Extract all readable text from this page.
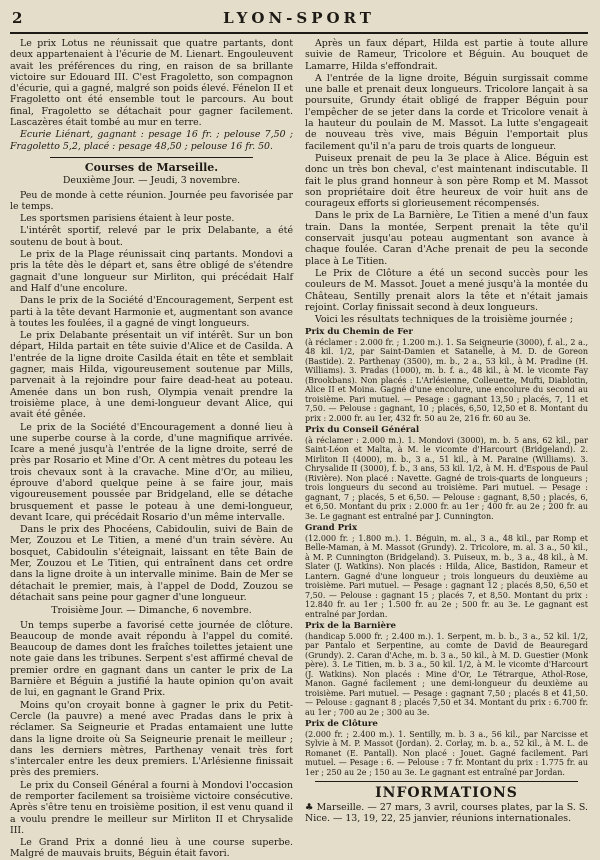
2	LYON-SPORT

Le prix Lotus ne réunissait que quatre partants, dont deux appartenaient à l'écurie de M. Lienart. Engouleuvent avait les préférences du ring, en raison de sa brillante victoire sur Edouard III. C'est Fragoletto, son compagnon d'écurie, qui a gagné, malgré son poids élevé. Fénelon II et Fragoletto ont été ensemble tout le parcours. Au bout final, Fragoletto se détachait pour gagner facilement. Lascazères était tombé au mur en terre.

Ecurie Liénart, gagnant : pesage 16 fr. ; pelouse 7,50 ; Fragoletto 5,2, placé : pesage 48,50 ; pelouse 16 fr. 50.

Courses de Marseille.
Deuxième Jour. — Jeudi, 3 novembre.

Peu de monde à cette réunion. Journée peu favorisée par le temps.

Les sportsmen parisiens étaient à leur poste.

L'intérêt sportif, relevé par le prix Delabante, a été soutenu de bout à bout.

Le prix de la Plage réunissait cinq partants. Mondovi a pris la tête dès le départ et, sans être obligé de s'étendre gagnait d'une longueur sur Mirliton, qui précédait Half and Half d'une encolure.

Dans le prix de la Société d'Encouragement, Serpent est parti à la tête devant Harmonie et, augmentant son avance à toutes les foulées, il a gagné de vingt longueurs.

Le prix Delabante présentait un vif intérêt. Sur un bon départ, Hilda partait en tête suivie d'Alice et de Casilda. A l'entrée de la ligne droite Casilda était en tête et semblait gagner, mais Hilda, vigoureusement soutenue par Mills, parvenait à la rejoindre pour faire dead-heat au poteau. Amenée dans un bon rush, Olympia venait prendre la troisième place, à une demi-longueur devant Alice, qui avait été gênée.

Le prix de la Société d'Encouragement a donné lieu à une superbe course à la corde, d'une magnifique arrivée. Icare a mené jusqu'à l'entrée de la ligne droite, serré de près par Rosario et Mine d'Or. A cent mètres du poteau les trois chevaux sont à la cravache. Mine d'Or, au milieu, éprouve d'abord quelque peine à se faire jour, mais vigoureusement poussée par Bridgeland, elle se détache brusquement et passe le poteau à une demi-longueur, devant Icare, qui précédait Rosario d'un même intervalle.

Dans le prix des Phocéens, Cabidoulin, suivi de Bain de Mer, Zouzou et Le Titien, a mené d'un train sévère. Au bosquet, Cabidoulin s'éteignait, laissant en tête Bain de Mer, Zouzou et Le Titien, qui entraînent dans cet ordre dans la ligne droite à un intervalle minime. Bain de Mer se détachait le premier, mais, à l'appel de Dodd, Zouzou se détachait sans peine pour gagner d'une longueur.

Troisième Jour. — Dimanche, 6 novembre.

Un temps superbe a favorisé cette journée de clôture. Beaucoup de monde avait répondu à l'appel du comité. Beaucoup de dames dont les fraîches toilettes jetaient une note gaie dans les tribunes. Serpent s'est affirmé cheval de premier ordre en gagnant dans un canter le prix de La Barnière et Béguin a justifié la haute opinion qu'on avait de lui, en gagnant le Grand Prix.

Moins qu'on croyait bonne à gagner le prix du Petit-Cercle (la pauvre) a mené avec Pradas dans le prix à réclamer. Sa Seigneurie et Pradas entamaient une lutte dans la ligne droite où Sa Seigneurie prenait le meilleur ; dans les derniers mètres, Parthenay venait très fort s'intercaler entre les deux premiers. L'Arlésienne finissait près des premiers.

Le prix du Conseil Général a fourni à Mondovi l'occasion de remporter facilement sa troisième victoire consécutive. Après s'être tenu en troisième position, il est venu quand il a voulu prendre le meilleur sur Mirliton II et Chrysalide III.

Le Grand Prix a donné lieu à une course superbe. Malgré de mauvais bruits, Béguin était favori.

Après un faux départ, Hilda est partie à toute allure suivie de Rameur, Tricolore et Béguin. Au bouquet de Lamarre, Hilda s'effondrait.

A l'entrée de la ligne droite, Béguin surgissait comme une balle et prenait deux longueurs. Tricolore lançait à sa poursuite, Grundy était obligé de frapper Béguin pour l'empêcher de se jeter dans la corde et Tricolore venait à la hauteur du poulain de M. Massot. La lutte s'engageait de nouveau très vive, mais Béguin l'emportait plus facilement qu'il n'a paru de trois quarts de longueur.

Puiseux prenait de peu la 3e place à Alice. Béguin est donc un très bon cheval, c'est maintenant indiscutable. Il fait le plus grand honneur à son père Romp et M. Massot son propriétaire doit être heureux de voir huit ans de courageux efforts si glorieusement récompensés.

Dans le prix de La Barnière, Le Titien a mené d'un faux train. Dans la montée, Serpent prenait la tête qu'il conservait jusqu'au poteau augmentant son avance à chaque foulée. Caran d'Ache prenait de peu la seconde place à Le Titien.

Le Prix de Clôture a été un second succès pour les couleurs de M. Massot. Jouet a mené jusqu'à la montée du Château, Sentilly prenait alors la tête et n'était jamais rejoint. Corlay finissait second à deux longueurs.

Voici les résultats techniques de la troisième journée ;

Prix du Chemin de Fer

(à réclamer : 2.000 fr. ; 1.200 m.). 1. Sa Seigneurie (3000), f. al., 2 a., 48 kil. 1/2, par Saint-Damien et Satanelle, à M. D. de Goreon (Bastide). 2. Parthenay (3500), m. b., 2 a., 53 kil., à M. Pradine (H. Williams). 3. Pradas (1000), m. b. f. a., 48 kil., à M. le vicomte Fay (Brookbans). Non placés : L'Arlésienne, Colleuette, Mufti, Diablotin, Alice II et Moina. Gagné d'une encolure, une encolure du second au troisième. Pari mutuel. — Pesage : gagnant 13,50 ; placés, 7, 11 et 7,50. — Pelouse : gagnant, 10 ; placés, 6,50, 12,50 et 8. Montant du prix : 2.000 fr. au 1er, 432 fr. 50 au 2e, 216 fr. 60 au 3e.

Prix du Conseil Général

(à réclamer : 2.000 m.). 1. Mondovi (3000), m. b. 5 ans, 62 kil., par Saint-Léon et Malta, à M. le vicomte d'Harcourt (Bridgeland). 2. Mirliton II (4000), m. b., 3 a., 51 kil., à M. Paraine (Williams). 3. Chrysalide II (3000), f. b., 3 ans, 53 kil. 1/2, à M. H. d'Espous de Paul (Rivière). Non placé : Navette. Gagné de trois-quarts de longueurs ; trois longueurs du second au troisième. Pari mutuel. — Pesage : gagnant, 7 ; placés, 5 et 6,50. — Pelouse : gagnant, 8,50 ; placés, 6, et 6,50. Montant du prix : 2.000 fr. au 1er ; 400 fr. au 2e ; 200 fr. au 3e. Le gagnant est entraîné par J. Cunnington.

Grand Prix

(12.000 fr. ; 1.800 m.). 1. Béguin, m. al., 3 a., 48 kil., par Romp et Belle-Maman, à M. Massot (Grundy). 2. Tricolore, m. al. 3 a., 50 kil., à M. P. Cunnington (Bridgeland). 3. Puiseux, m. b., 3 a., 48 kil., à M. Slater (J. Watkins). Non placés : Hilda, Alice, Bastidon, Rameur et Lantern. Gagné d'une longueur ; trois longueurs du deuxième au troisième. Pari mutuel. — Pesage : gagnant 12 ; placés 8,50, 6,50 et 7,50. — Pelouse : gagnant 15 ; placés 7, et 8,50. Montant du prix : 12.840 fr. au 1er ; 1.500 fr. au 2e ; 500 fr. au 3e. Le gagnant est entraîné par Jordan.

Prix de la Barnière

(handicap 5.000 fr. ; 2.400 m.). 1. Serpent, m. b. b., 3 a., 52 kil. 1/2, par Pantalo et Serpentine, au comte de David de Beauregard (Grundy). 2. Caran d'Ache, m. b. 3 a., 50 kil., à M. D. Guestier (Monk père). 3. Le Titien, m. b. 3 a., 50 kil. 1/2, à M. le vicomte d'Harcourt (J. Watkins). Non placés : Mine d'Or, Le Tétrarque, Athol-Rose, Manon. Gagné facilement ; une demi-longueur du deuxième au troisième. Pari mutuel. — Pesage : gagnant 7,50 ; placés 8 et 41,50. — Pelouse : gagnant 8 ; placés 7,50 et 34. Montant du prix : 6.700 fr. au 1er ; 700 au 2e ; 300 au 3e.

Prix de Clôture

(2.000 fr. ; 2.400 m.). 1. Sentilly, m. b. 3 a., 56 kil., par Narcisse et Sylvie à M. P. Massot (Jordan). 2. Corlay, m. b. a., 52 kil., à M. L. de Romanet (E. Pantall). Non placé : Jouet. Gagné facilement. Pari mutuel. — Pesage : 6. — Pelouse : 7 fr. Montant du prix : 1.775 fr. au 1er ; 250 au 2e ; 150 au 3e. Le gagnant est entraîné par Jordan.

INFORMATIONS

♣ Marseille. — 27 mars, 3 avril, courses plates, par la S. S. Nice. — 13, 19, 22, 25 janvier, réunions internationales.
